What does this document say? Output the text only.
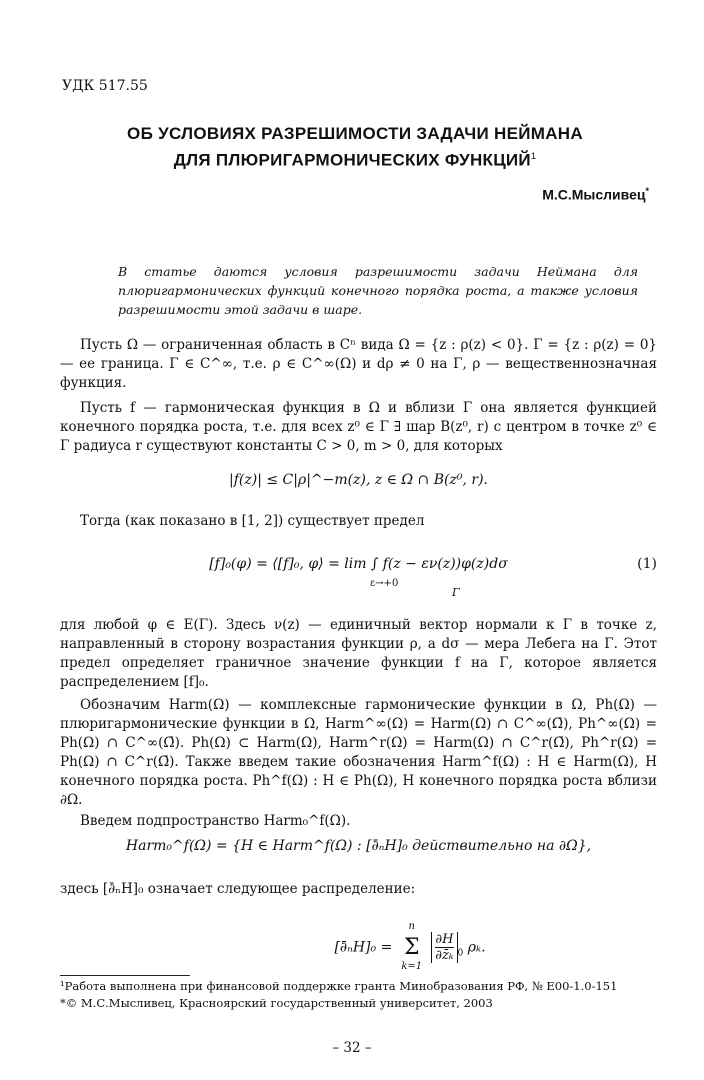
УДК 517.55
ОБ УСЛОВИЯХ РАЗРЕШИМОСТИ ЗАДАЧИ НЕЙМАНА
ДЛЯ ПЛЮРИГАРМОНИЧЕСКИХ ФУНКЦИЙ$^1$
М.С.Мысливец*
В статье даются условия разрешимости задачи Неймана для плюригармонических функций конечного порядка роста, а также условия разрешимости этой задачи в шаре.

Пусть Ω — ограниченная область в Cⁿ вида Ω = {z : ρ(z) < 0}. Γ = {z : ρ(z) = 0} — ее граница. Γ ∈ C^∞, т.е. ρ ∈ C^∞(Ω) и dρ ≠ 0 на Γ, ρ — вещественнозначная функция.

Пусть f — гармоническая функция в Ω и вблизи Γ она является функцией конечного порядка роста, т.е. для всех z⁰ ∈ Γ ∃ шар B(z⁰, r) с центром в точке z⁰ ∈ Γ радиуса r существуют константы C > 0, m > 0, для которых

|f(z)| ≤ C|ρ|^−m(z), z ∈ Ω ∩ B(z⁰, r).

Тогда (как показано в [1, 2]) существует предел

[f]₀(φ) = ⟨[f]₀, φ⟩ = lim ∫ f(z − εν(z))φ(z)dσ	(1)
ε→+0
Γ

для любой φ ∈ E(Γ). Здесь ν(z) — единичный вектор нормали к Γ в точке z, направленный в сторону возрастания функции ρ, а dσ — мера Лебега на Γ. Этот предел определяет граничное значение функции f на Γ, которое является распределением [f]₀.

Обозначим Harm(Ω) — комплексные гармонические функции в Ω, Ph(Ω) — плюригармонические функции в Ω, Harm^∞(Ω) = Harm(Ω) ∩ C^∞(Ω̄), Ph^∞(Ω) = Ph(Ω) ∩ C^∞(Ω̄). Ph(Ω) ⊂ Harm(Ω), Harm^r(Ω) = Harm(Ω) ∩ C^r(Ω̄), Ph^r(Ω) = Ph(Ω) ∩ C^r(Ω̄). Также введем такие обозначения Harm^f(Ω) : H ∈ Harm(Ω), H конечного порядка роста. Ph^f(Ω) : H ∈ Ph(Ω), H конечного порядка роста вблизи ∂Ω.

Введем подпространство Harm₀^f(Ω).

Harm₀^f(Ω) = {H ∈ Harm^f(Ω) : [∂̄ₙH]₀ действительно на ∂Ω},

здесь [∂̄ₙH]₀ означает следующее распределение:

[∂̄ₙH]₀ = Σ
n
k=1

$\frac{\partial H}{\text{∂z̄ₖ}} _0$ ρₖ.
¹Работа выполнена при финансовой поддержке гранта Минобразования РФ, № Е00-1.0-151
*© М.С.Мысливец, Красноярский государственный университет, 2003
– 32 –
